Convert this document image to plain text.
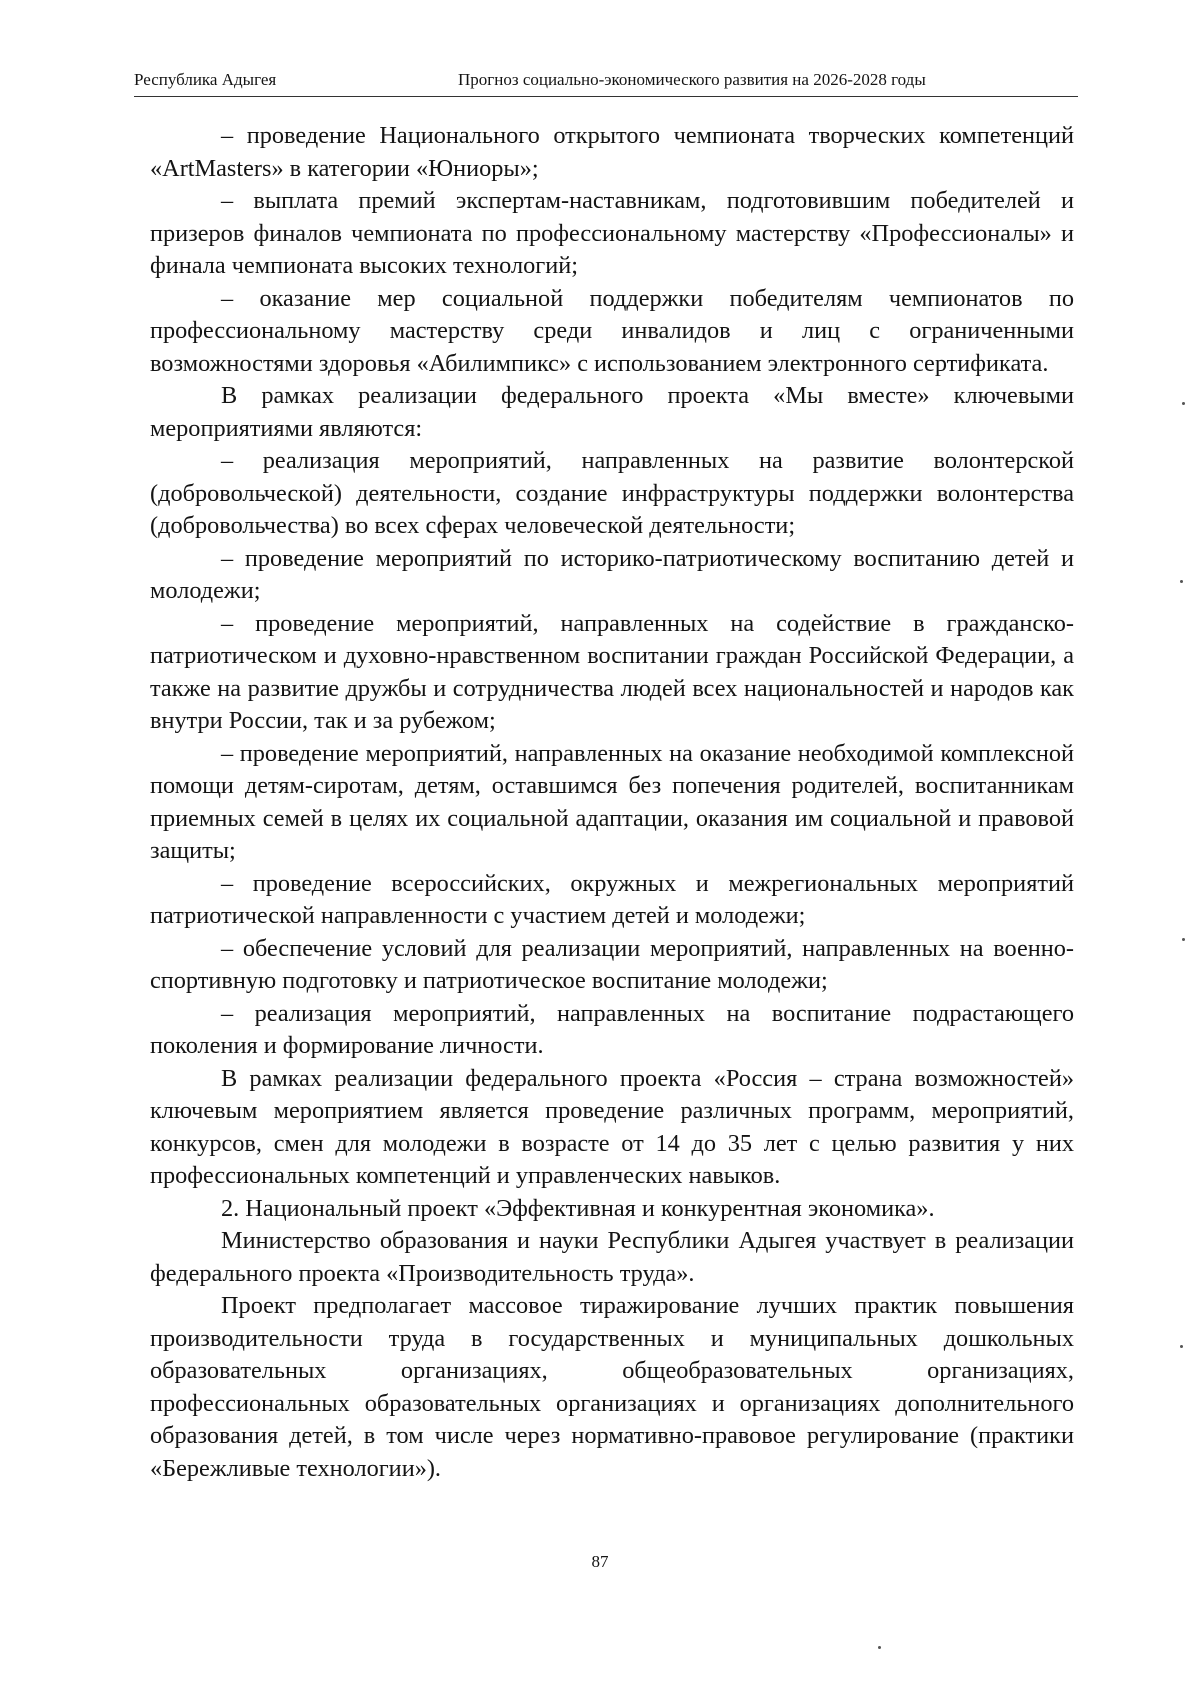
Республика Адыгея	Прогноз социально-экономического развития на 2026-2028 годы

– проведение Национального открытого чемпионата творческих компетенций «ArtMasters» в категории «Юниоры»;

– выплата премий экспертам-наставникам, подготовившим победителей и призеров финалов чемпионата по профессиональному мастерству «Профессионалы» и финала чемпионата высоких технологий;

– оказание мер социальной поддержки победителям чемпионатов по профессиональному мастерству среди инвалидов и лиц с ограниченными возможностями здоровья «Абилимпикс» с использованием электронного сертификата.

В рамках реализации федерального проекта «Мы вместе» ключевыми мероприятиями являются:

– реализация мероприятий, направленных на развитие волонтерской (добровольческой) деятельности, создание инфраструктуры поддержки волонтерства (добровольчества) во всех сферах человеческой деятельности;

– проведение мероприятий по историко-патриотическому воспитанию детей и молодежи;

– проведение мероприятий, направленных на содействие в гражданско-патриотическом и духовно-нравственном воспитании граждан Российской Федерации, а также на развитие дружбы и сотрудничества людей всех национальностей и народов как внутри России, так и за рубежом;

– проведение мероприятий, направленных на оказание необходимой комплексной помощи детям-сиротам, детям, оставшимся без попечения родителей, воспитанникам приемных семей в целях их социальной адаптации, оказания им социальной и правовой защиты;

– проведение всероссийских, окружных и межрегиональных мероприятий патриотической направленности с участием детей и молодежи;

– обеспечение условий для реализации мероприятий, направленных на военно-спортивную подготовку и патриотическое воспитание молодежи;

– реализация мероприятий, направленных на воспитание подрастающего поколения и формирование личности.

В рамках реализации федерального проекта «Россия – страна возможностей» ключевым мероприятием является проведение различных программ, мероприятий, конкурсов, смен для молодежи в возрасте от 14 до 35 лет с целью развития у них профессиональных компетенций и управленческих навыков.

2. Национальный проект «Эффективная и конкурентная экономика».

Министерство образования и науки Республики Адыгея участвует в реализации федерального проекта «Производительность труда».

Проект предполагает массовое тиражирование лучших практик повышения производительности труда в государственных и муниципальных дошкольных образовательных организациях, общеобразовательных организациях, профессиональных образовательных организациях и организациях дополнительного образования детей, в том числе через нормативно-правовое регулирование (практики «Бережливые технологии»).

87
